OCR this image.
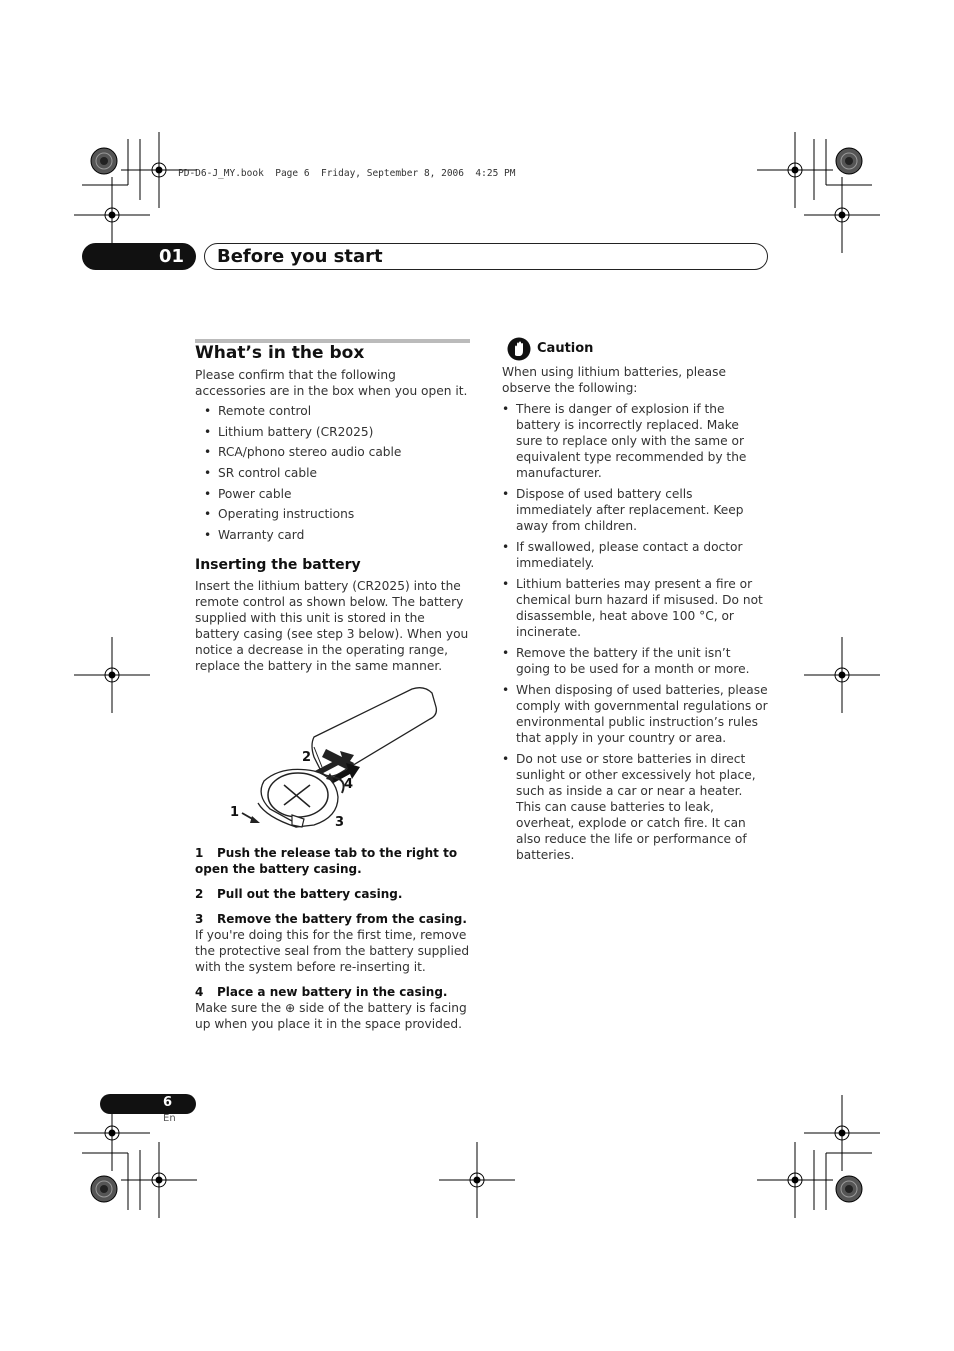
PD-D6-J_MY.book  Page 6  Friday, September 8, 2006  4:25 PM
01 Before you start
What’s in the box
Please confirm that the following accessories are in the box when you open it.
• Remote control
• Lithium battery (CR2025)
• RCA/phono stereo audio cable
• SR control cable
• Power cable
• Operating instructions
• Warranty card
Inserting the battery
Insert the lithium battery (CR2025) into the remote control as shown below. The battery supplied with this unit is stored in the battery casing (see step 3 below). When you notice a decrease in the operating range, replace the battery in the same manner.
2
4
1
3
1 Push the release tab to the right to open the battery casing.
2 Pull out the battery casing.
3 Remove the battery from the casing.
If you're doing this for the first time, remove the protective seal from the battery supplied with the system before re-inserting it.
4 Place a new battery in the casing.
Make sure the ⊕ side of the battery is facing up when you place it in the space provided.
Caution
When using lithium batteries, please observe the following:
• There is danger of explosion if the battery is incorrectly replaced. Make sure to replace only with the same or equivalent type recommended by the manufacturer.
• Dispose of used battery cells immediately after replacement. Keep away from children.
• If swallowed, please contact a doctor immediately.
• Lithium batteries may present a fire or chemical burn hazard if misused. Do not disassemble, heat above 100 °C, or incinerate.
• Remove the battery if the unit isn’t going to be used for a month or more.
• When disposing of used batteries, please comply with governmental regulations or environmental public instruction’s rules that apply in your country or area.
• Do not use or store batteries in direct sunlight or other excessively hot place, such as inside a car or near a heater. This can cause batteries to leak, overheat, explode or catch fire. It can also reduce the life or performance of batteries.
6
En
